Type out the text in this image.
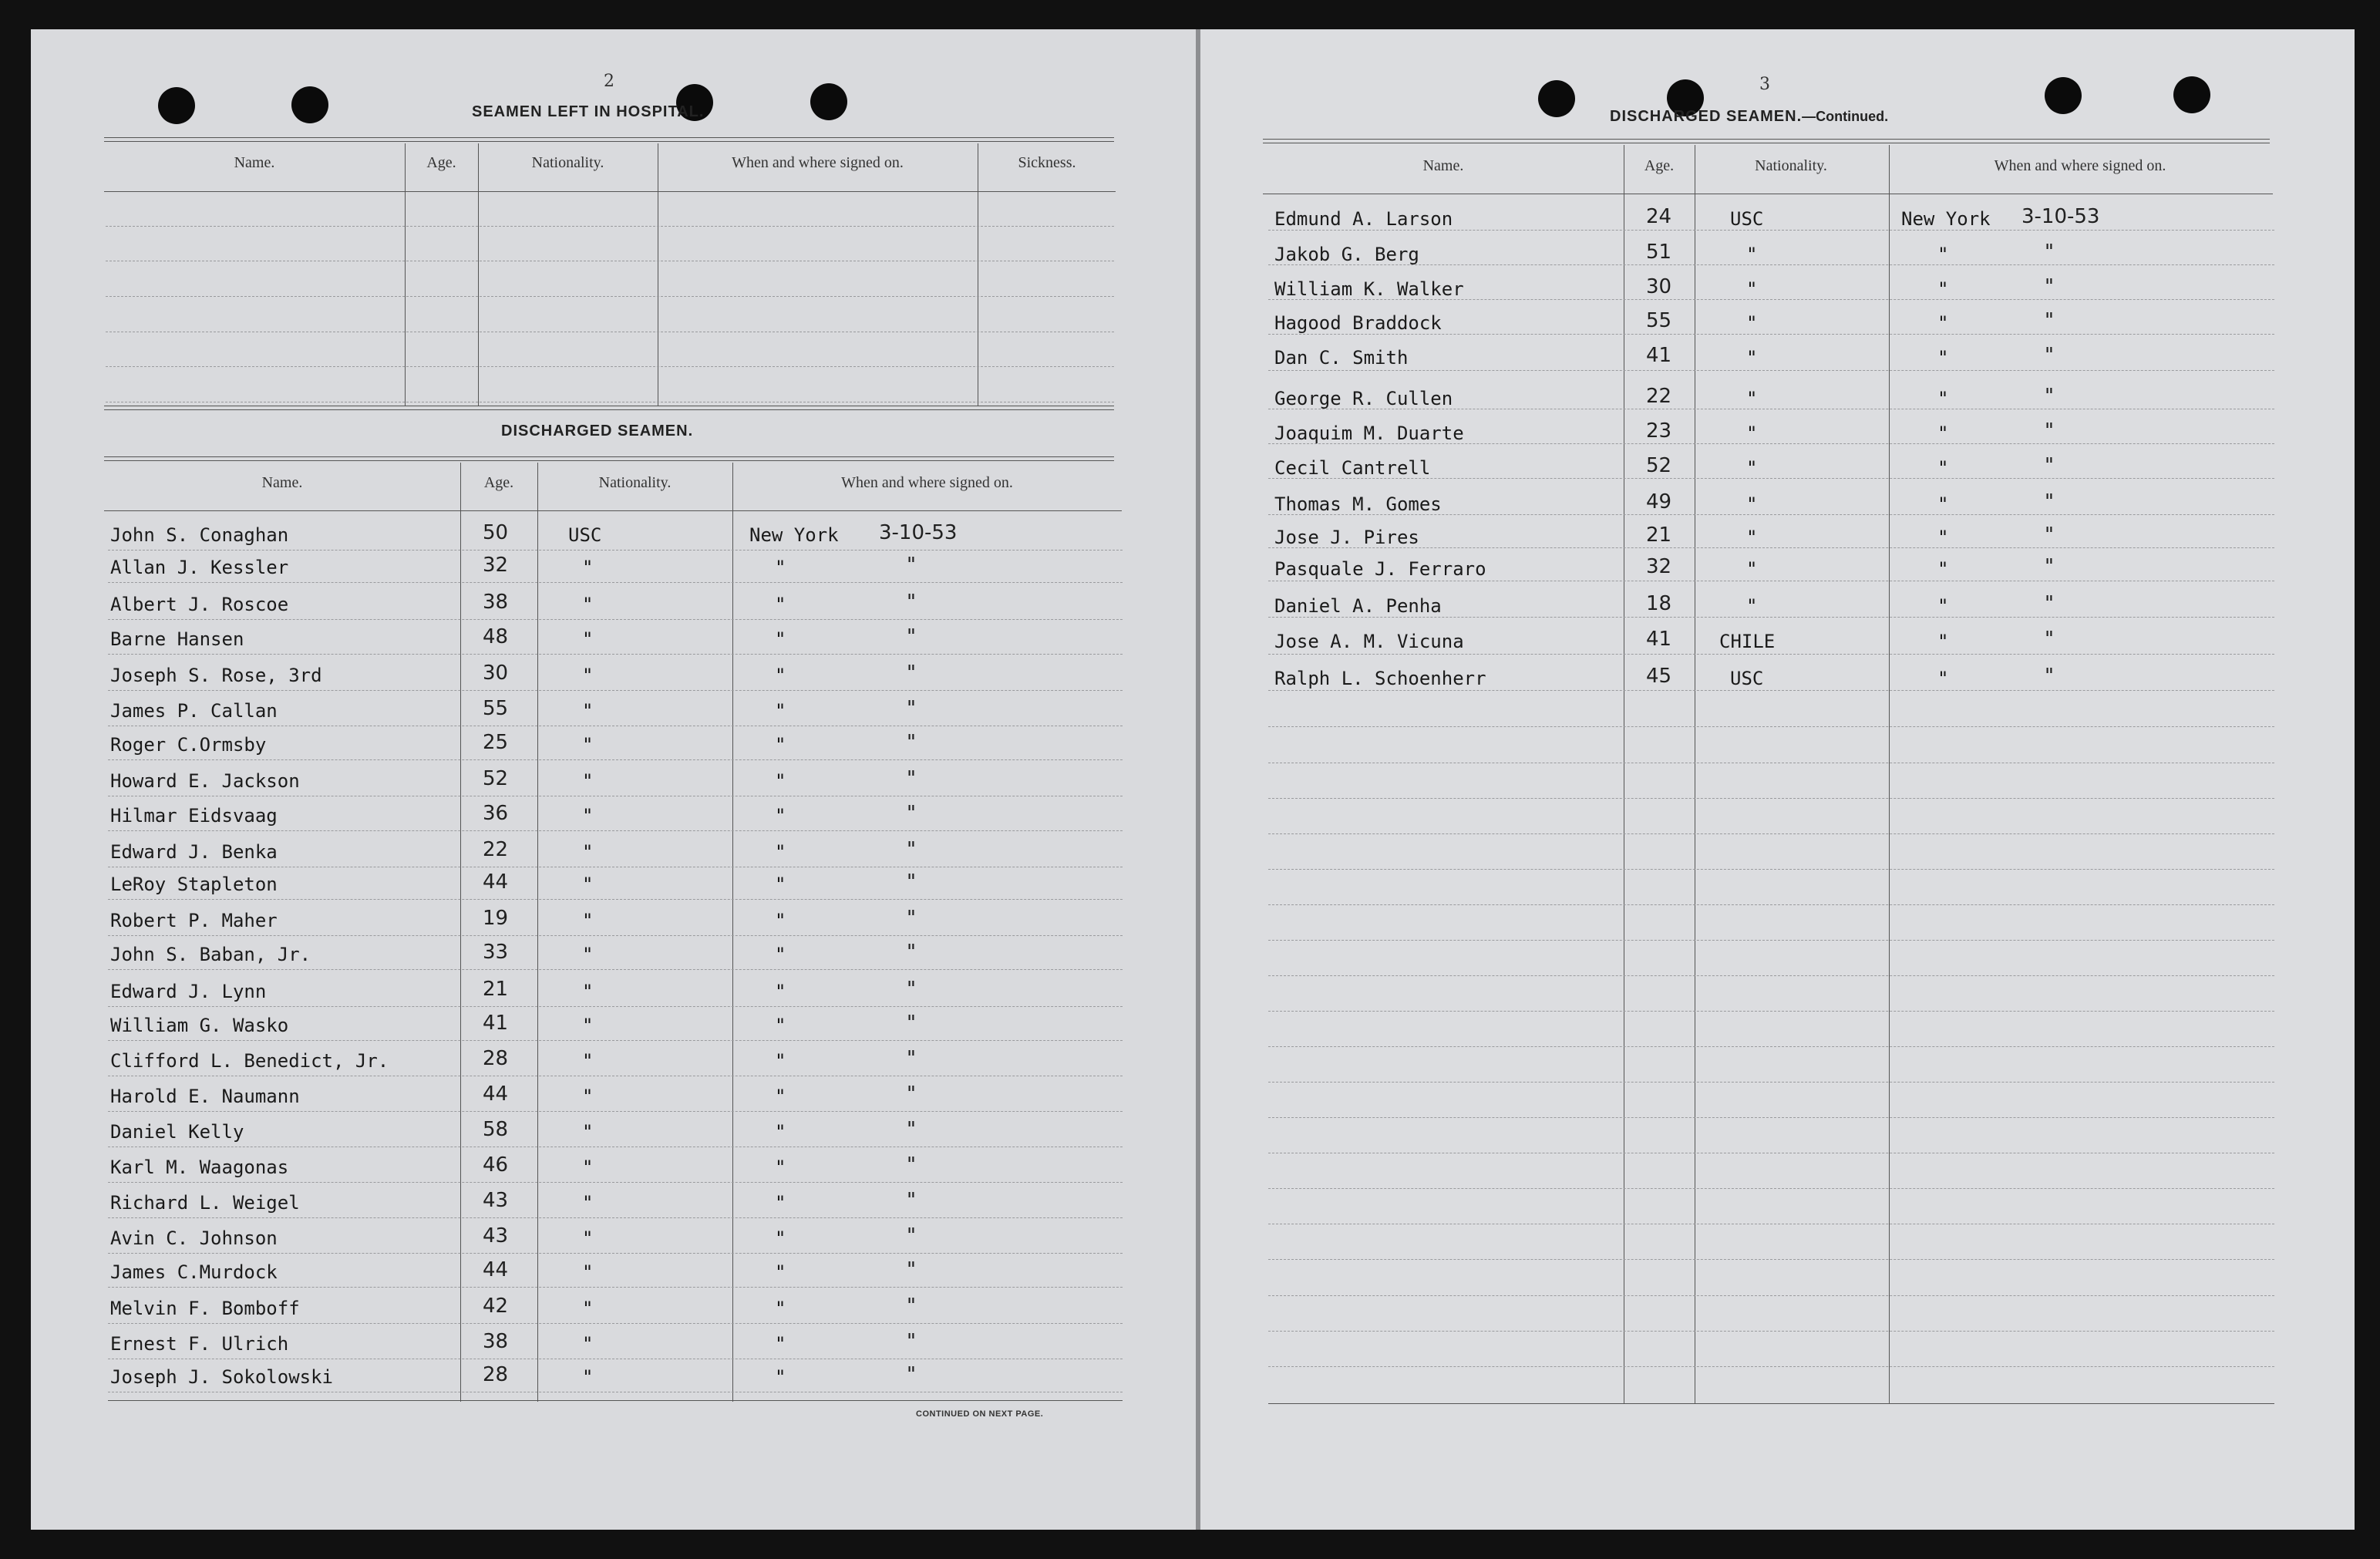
2
SEAMEN LEFT IN HOSPITAL.
Name.	Age.	Nationality.	When and where signed on.	Sickness.
DISCHARGED SEAMEN.
Name.	Age.	Nationality.	When and where signed on.
John S. Conaghan	50	USC	New York 3-10-53
Allan J. Kessler	32	"	"	"
Albert J. Roscoe	38	"	"	"
Barne Hansen	48	"	"	"
Joseph S. Rose, 3rd	30	"	"	"
James P. Callan	55	"	"	"
Roger C.Ormsby	25	"	"	"
Howard E. Jackson	52	"	"	"
Hilmar Eidsvaag	36	"	"	"
Edward J. Benka	22	"	"	"
LeRoy Stapleton	44	"	"	"
Robert P. Maher	19	"	"	"
John S. Baban, Jr.	33	"	"	"
Edward J. Lynn	21	"	"	"
William G. Wasko	41	"	"	"
Clifford L. Benedict, Jr.	28	"	"	"
Harold E. Naumann	44	"	"	"
Daniel Kelly	58	"	"	"
Karl M. Waagonas	46	"	"	"
Richard L. Weigel	43	"	"	"
Avin C. Johnson	43	"	"	"
James C.Murdock	44	"	"	"
Melvin F. Bomboff	42	"	"	"
Ernest F. Ulrich	38	"	"	"
Joseph J. Sokolowski	28	"	"	"
CONTINUED ON NEXT PAGE.
3
DISCHARGED SEAMEN.—Continued.
Name.	Age.	Nationality.	When and where signed on.
Edmund A. Larson	24	USC	New York 3-10-53
Jakob G. Berg	51	"	"	"
William K. Walker	30	"	"	"
Hagood Braddock	55	"	"	"
Dan C. Smith	41	"	"	"
George R. Cullen	22	"	"	"
Joaquim M. Duarte	23	"	"	"
Cecil Cantrell	52	"	"	"
Thomas M. Gomes	49	"	"	"
Jose J. Pires	21	"	"	"
Pasquale J. Ferraro	32	"	"	"
Daniel A. Penha	18	"	"	"
Jose A. M. Vicuna	41	CHILE	"	"
Ralph L. Schoenherr	45	USC	"	"
